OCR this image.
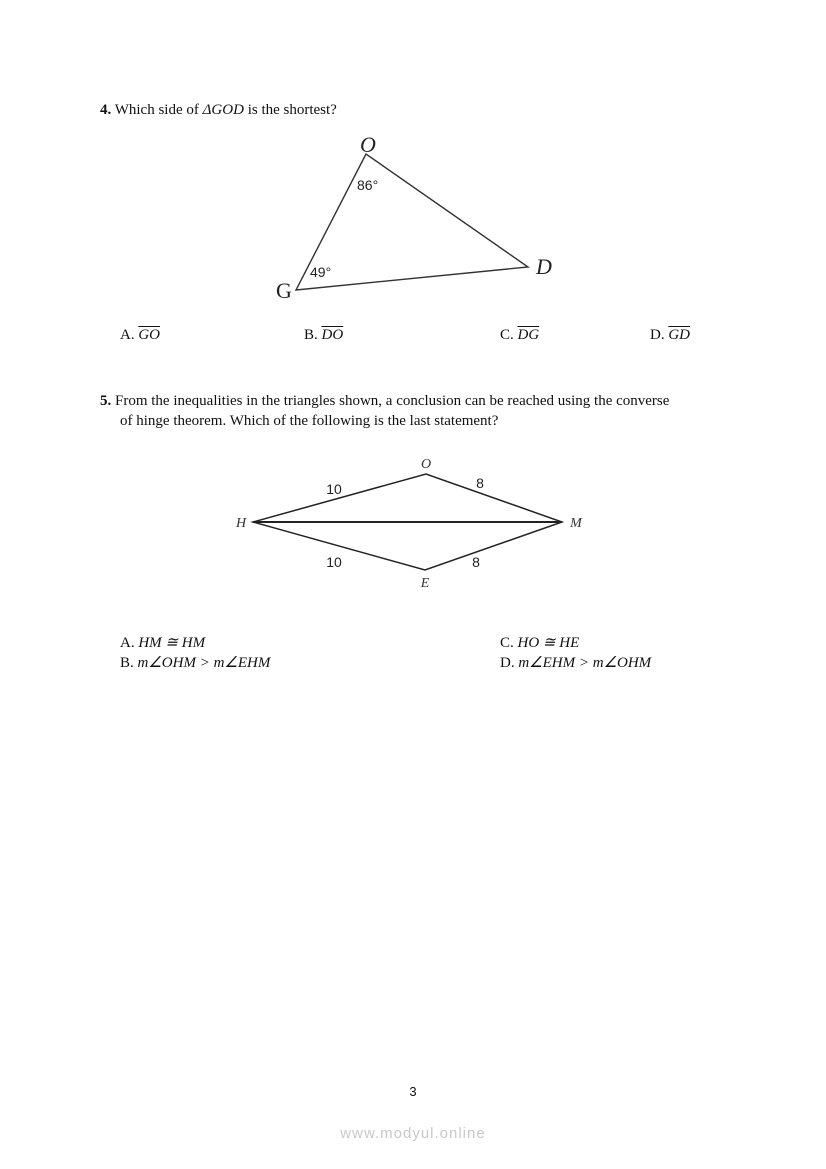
4. Which side of ΔGOD is the shortest?
O
G
D
86°
49°
H
O
M
E
10	8
10	8
A. $\overline{GO}$	B. $\overline{DO}$	C. $\overline{DG}$	D. $\overline{GD}$
5. From the inequalities in the triangles shown, a conclusion can be reached using the converse
of hinge theorem. Which of the following is the last statement?
A. HM ≅ HM
B. m∠OHM > m∠EHM
C. HO ≅ HE
D. m∠EHM > m∠OHM
3
www.modyul.online
